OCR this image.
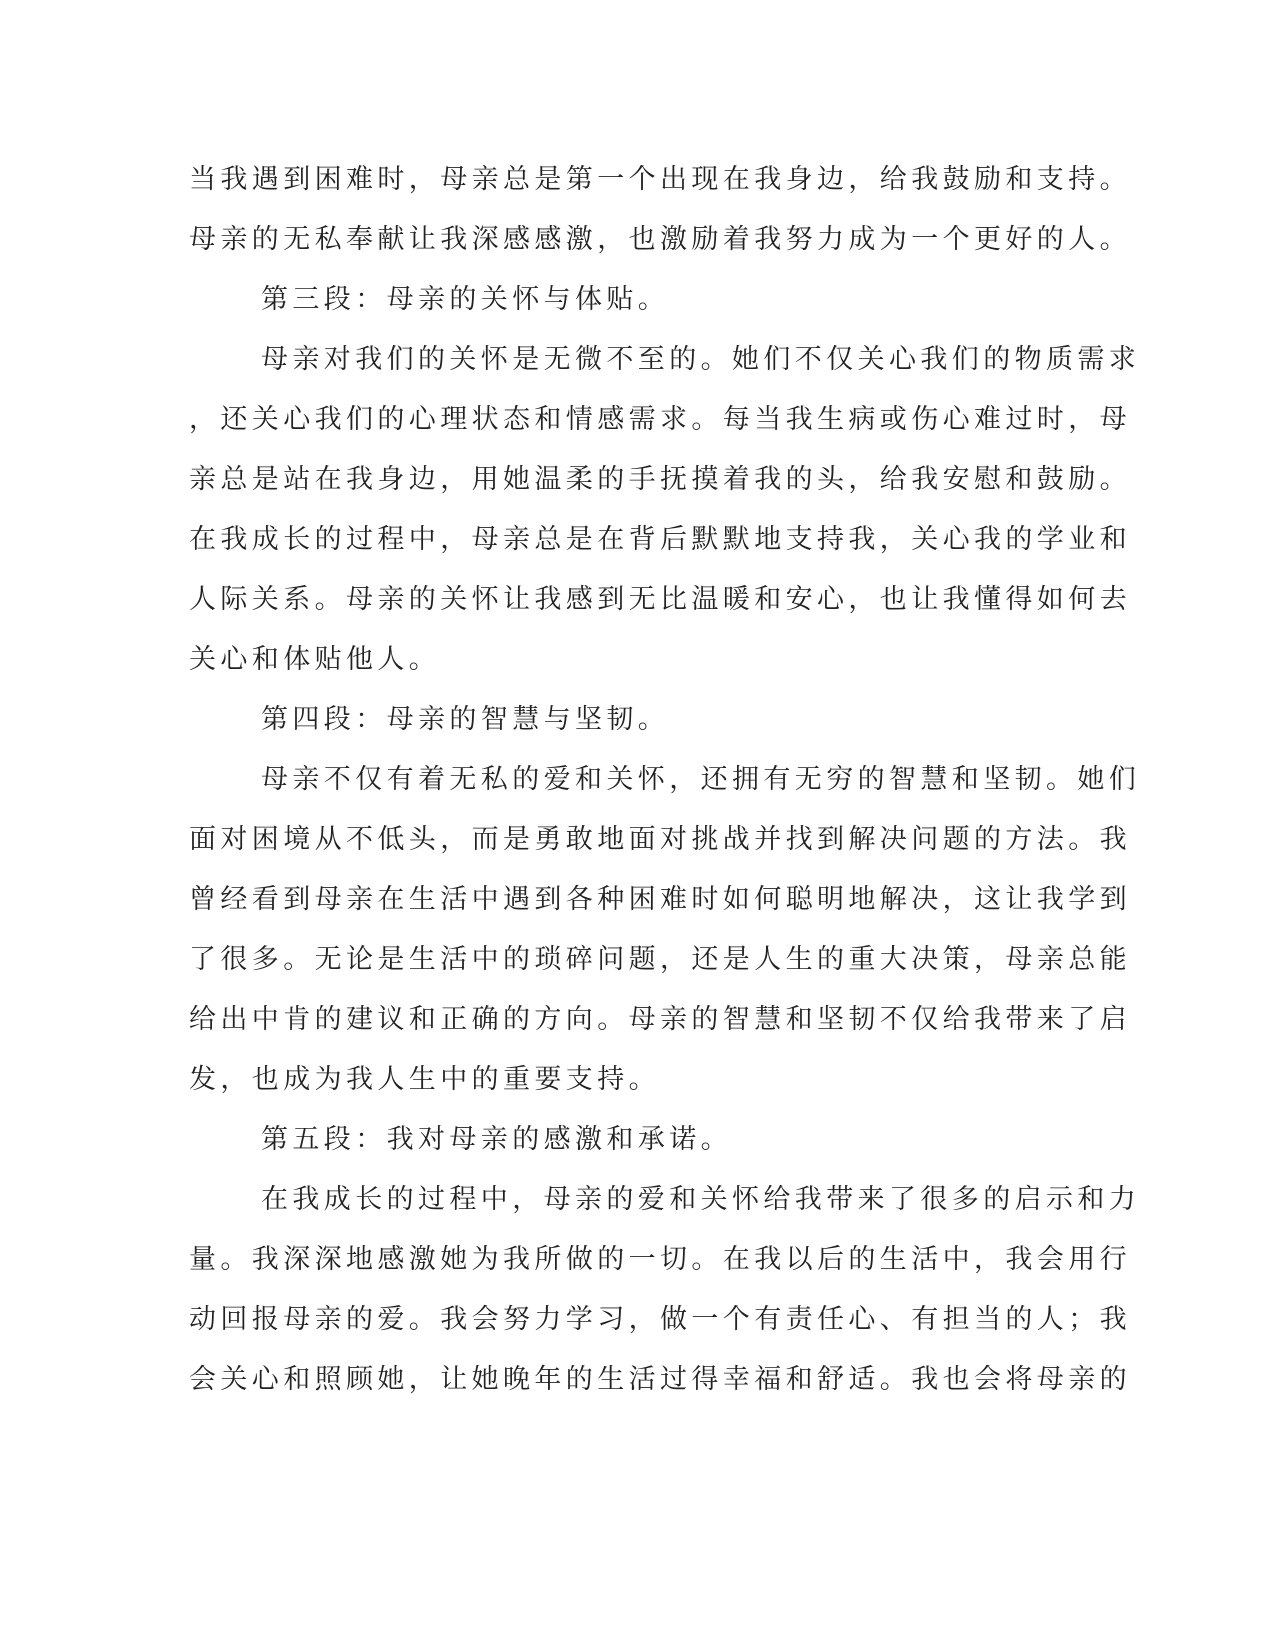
当我遇到困难时，母亲总是第一个出现在我身边，给我鼓励和支持。
母亲的无私奉献让我深感感激，也激励着我努力成为一个更好的人。
第三段：母亲的关怀与体贴。
母亲对我们的关怀是无微不至的。她们不仅关心我们的物质需求
，还关心我们的心理状态和情感需求。每当我生病或伤心难过时，母
亲总是站在我身边，用她温柔的手抚摸着我的头，给我安慰和鼓励。
在我成长的过程中，母亲总是在背后默默地支持我，关心我的学业和
人际关系。母亲的关怀让我感到无比温暖和安心，也让我懂得如何去
关心和体贴他人。
第四段：母亲的智慧与坚韧。
母亲不仅有着无私的爱和关怀，还拥有无穷的智慧和坚韧。她们
面对困境从不低头，而是勇敢地面对挑战并找到解决问题的方法。我
曾经看到母亲在生活中遇到各种困难时如何聪明地解决，这让我学到
了很多。无论是生活中的琐碎问题，还是人生的重大决策，母亲总能
给出中肯的建议和正确的方向。母亲的智慧和坚韧不仅给我带来了启
发，也成为我人生中的重要支持。
第五段：我对母亲的感激和承诺。
在我成长的过程中，母亲的爱和关怀给我带来了很多的启示和力
量。我深深地感激她为我所做的一切。在我以后的生活中，我会用行
动回报母亲的爱。我会努力学习，做一个有责任心、有担当的人；我
会关心和照顾她，让她晚年的生活过得幸福和舒适。我也会将母亲的
